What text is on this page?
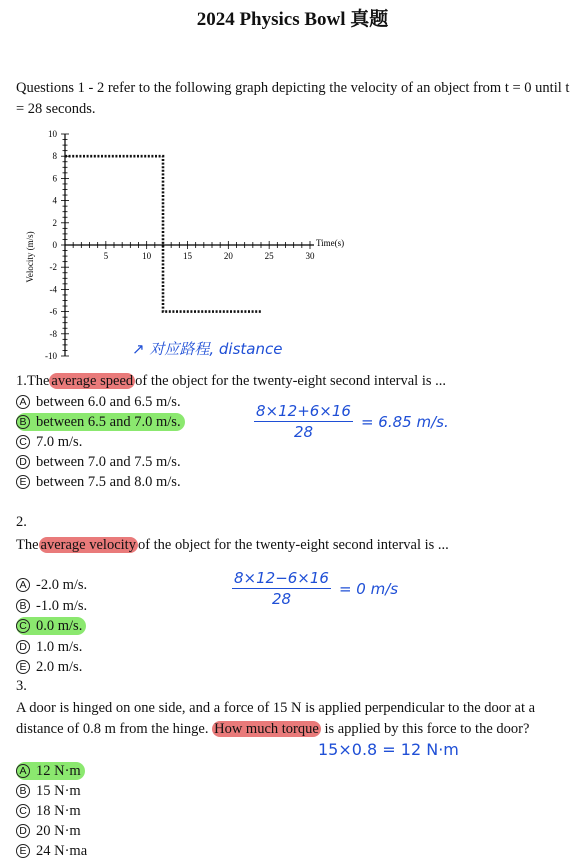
2024 Physics Bowl 真题
Questions 1 - 2 refer to the following graph depicting the velocity of an object from t = 0 until t = 28 seconds.
10
8
6
4
2
0
-2
-4
-6
-8
-10
5	10	15	20	25	30
Time(s)
Velocity (m/s)
↗ 对应路程, distance
1.The average speed of the object for the twenty-eight second interval is ...
A between 6.0 and 6.5 m/s.
B between 6.5 and 7.0 m/s.
C 7.0 m/s.
D between 7.0 and 7.5 m/s.
E between 7.5 and 8.0 m/s.
$\frac{8\times 12+6\times 16}{28} = 6.85$ m/s.
2.
The average velocity of the object for the twenty-eight second interval is ...
A -2.0 m/s.
B -1.0 m/s.
C 0.0 m/s.
D 1.0 m/s.
E 2.0 m/s.
$\frac{8\times 12-6\times 16}{28} = 0$ m/s
3.
A door is hinged on one side, and a force of 15 N is applied perpendicular to the door at a distance of 0.8 m from the hinge. How much torque is applied by this force to the door?
A 12 N·m
B 15 N·m
C 18 N·m
D 20 N·m
E 24 N·ma
15×0.8 = 12 N·m
